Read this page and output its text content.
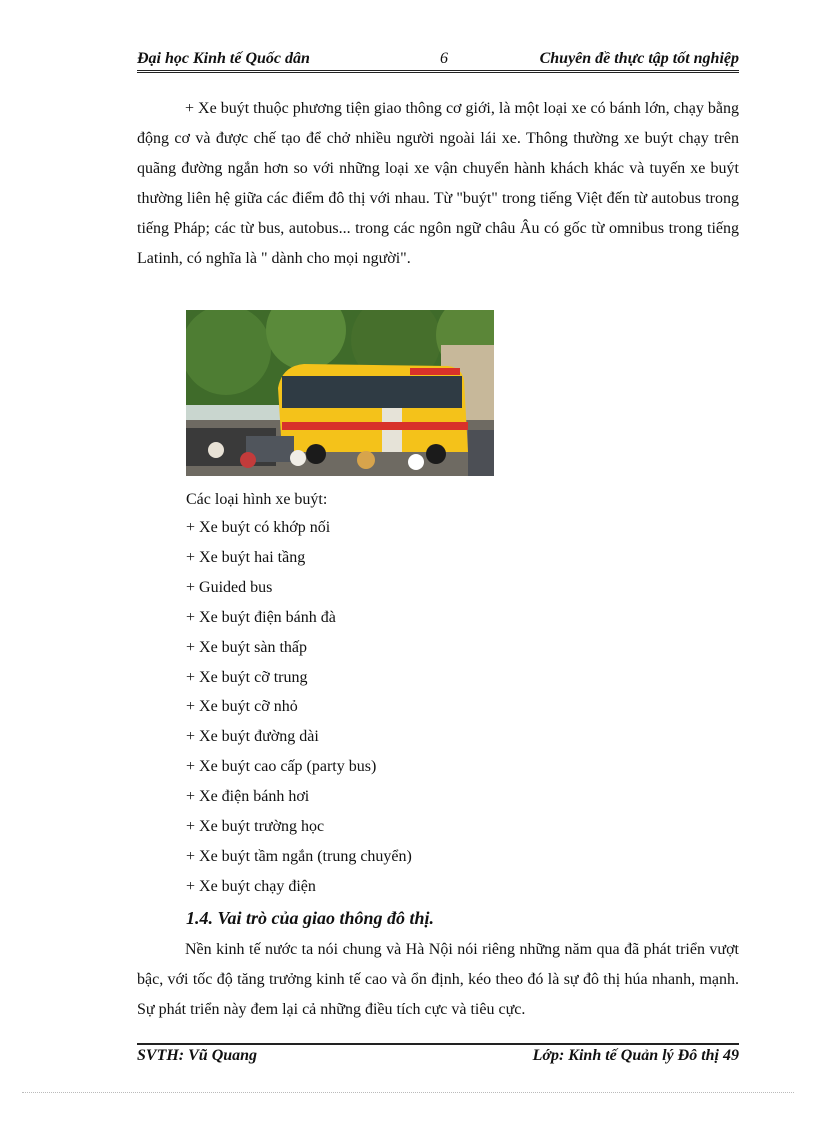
Đại học Kinh tế Quốc dân	6	Chuyên đề thực tập tốt nghiệp

+ Xe buýt thuộc phương tiện giao thông cơ giới, là một loại xe có bánh lớn, chạy bằng động cơ và được chế tạo để chở nhiều người ngoài lái xe. Thông thường xe buýt chạy trên quãng đường ngắn hơn so với những loại xe vận chuyển hành khách khác và tuyến xe buýt thường liên hệ giữa các điểm đô thị với nhau. Từ "buýt" trong tiếng Việt đến từ autobus trong tiếng Pháp; các từ bus, autobus... trong các ngôn ngữ châu Âu có gốc từ omnibus trong tiếng Latinh, có nghĩa là " dành cho mọi người".

Các loại hình xe buýt:
+ Xe buýt có khớp nối
+ Xe buýt hai tầng
+ Guided bus
+ Xe buýt điện bánh đà
+ Xe buýt sàn thấp
+ Xe buýt cỡ trung
+ Xe buýt cỡ nhỏ
+ Xe buýt đường dài
+ Xe buýt cao cấp (party bus)
+ Xe điện bánh hơi
+ Xe buýt trường học
+ Xe buýt tầm ngắn (trung chuyển)
+ Xe buýt chạy điện
1.4. Vai trò của giao thông đô thị.

Nền kinh tế nước ta nói chung và Hà Nội nói riêng những năm qua đã phát triển vượt bậc, với tốc độ tăng trưởng kinh tế cao và ổn định, kéo theo đó là sự đô thị húa nhanh, mạnh. Sự phát triển này đem lại cả những điều tích cực và tiêu cực.

SVTH: Vũ Quang	Lớp: Kinh tế Quản lý Đô thị 49
